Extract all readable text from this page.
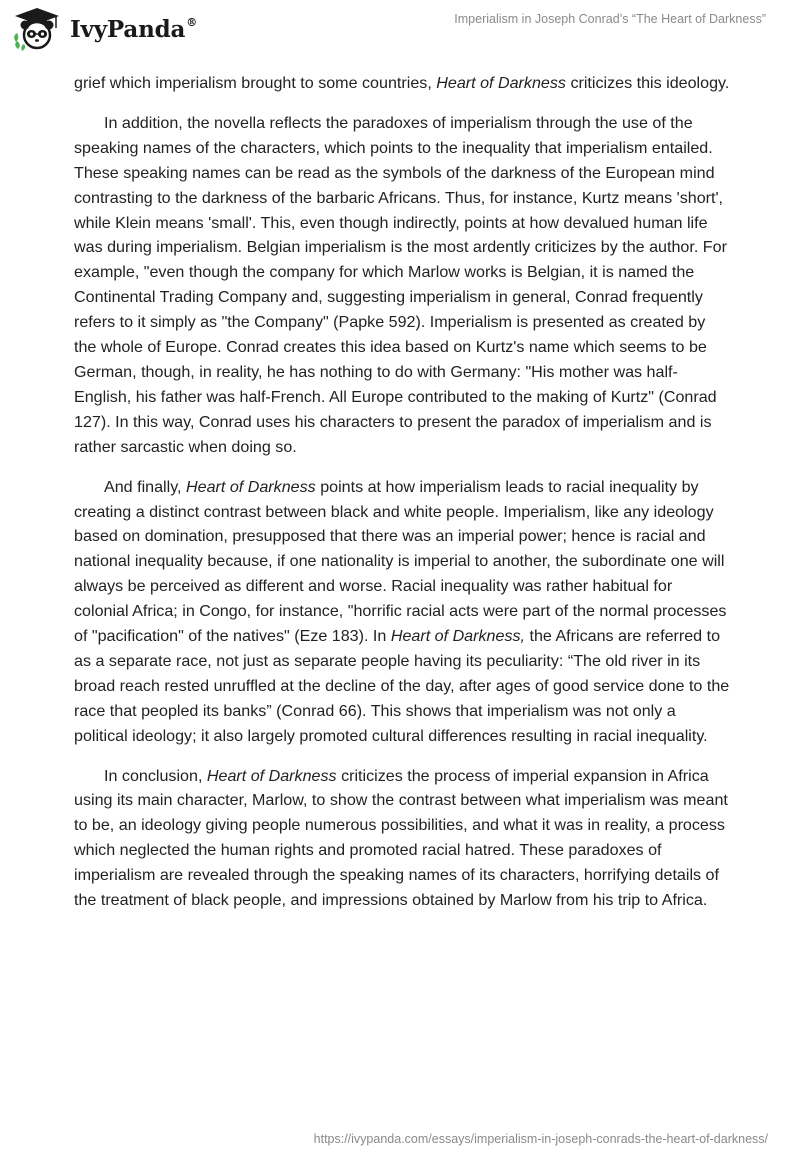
IvyPanda®	Imperialism in Joseph Conrad’s “The Heart of Darkness”

grief which imperialism brought to some countries, Heart of Darkness criticizes this ideology.

In addition, the novella reflects the paradoxes of imperialism through the use of the speaking names of the characters, which points to the inequality that imperialism entailed. These speaking names can be read as the symbols of the darkness of the European mind contrasting to the darkness of the barbaric Africans. Thus, for instance, Kurtz means 'short', while Klein means 'small'. This, even though indirectly, points at how devalued human life was during imperialism. Belgian imperialism is the most ardently criticizes by the author. For example, "even though the company for which Marlow works is Belgian, it is named the Continental Trading Company and, suggesting imperialism in general, Conrad frequently refers to it simply as "the Company" (Papke 592). Imperialism is presented as created by the whole of Europe. Conrad creates this idea based on Kurtz's name which seems to be German, though, in reality, he has nothing to do with Germany: "His mother was half-English, his father was half-French. All Europe contributed to the making of Kurtz" (Conrad 127). In this way, Conrad uses his characters to present the paradox of imperialism and is rather sarcastic when doing so.

And finally, Heart of Darkness points at how imperialism leads to racial inequality by creating a distinct contrast between black and white people. Imperialism, like any ideology based on domination, presupposed that there was an imperial power; hence is racial and national inequality because, if one nationality is imperial to another, the subordinate one will always be perceived as different and worse. Racial inequality was rather habitual for colonial Africa; in Congo, for instance, "horrific racial acts were part of the normal processes of "pacification" of the natives" (Eze 183). In Heart of Darkness, the Africans are referred to as a separate race, not just as separate people having its peculiarity: “The old river in its broad reach rested unruffled at the decline of the day, after ages of good service done to the race that peopled its banks” (Conrad 66). This shows that imperialism was not only a political ideology; it also largely promoted cultural differences resulting in racial inequality.

In conclusion, Heart of Darkness criticizes the process of imperial expansion in Africa using its main character, Marlow, to show the contrast between what imperialism was meant to be, an ideology giving people numerous possibilities, and what it was in reality, a process which neglected the human rights and promoted racial hatred. These paradoxes of imperialism are revealed through the speaking names of its characters, horrifying details of the treatment of black people, and impressions obtained by Marlow from his trip to Africa.

https://ivypanda.com/essays/imperialism-in-joseph-conrads-the-heart-of-darkness/
